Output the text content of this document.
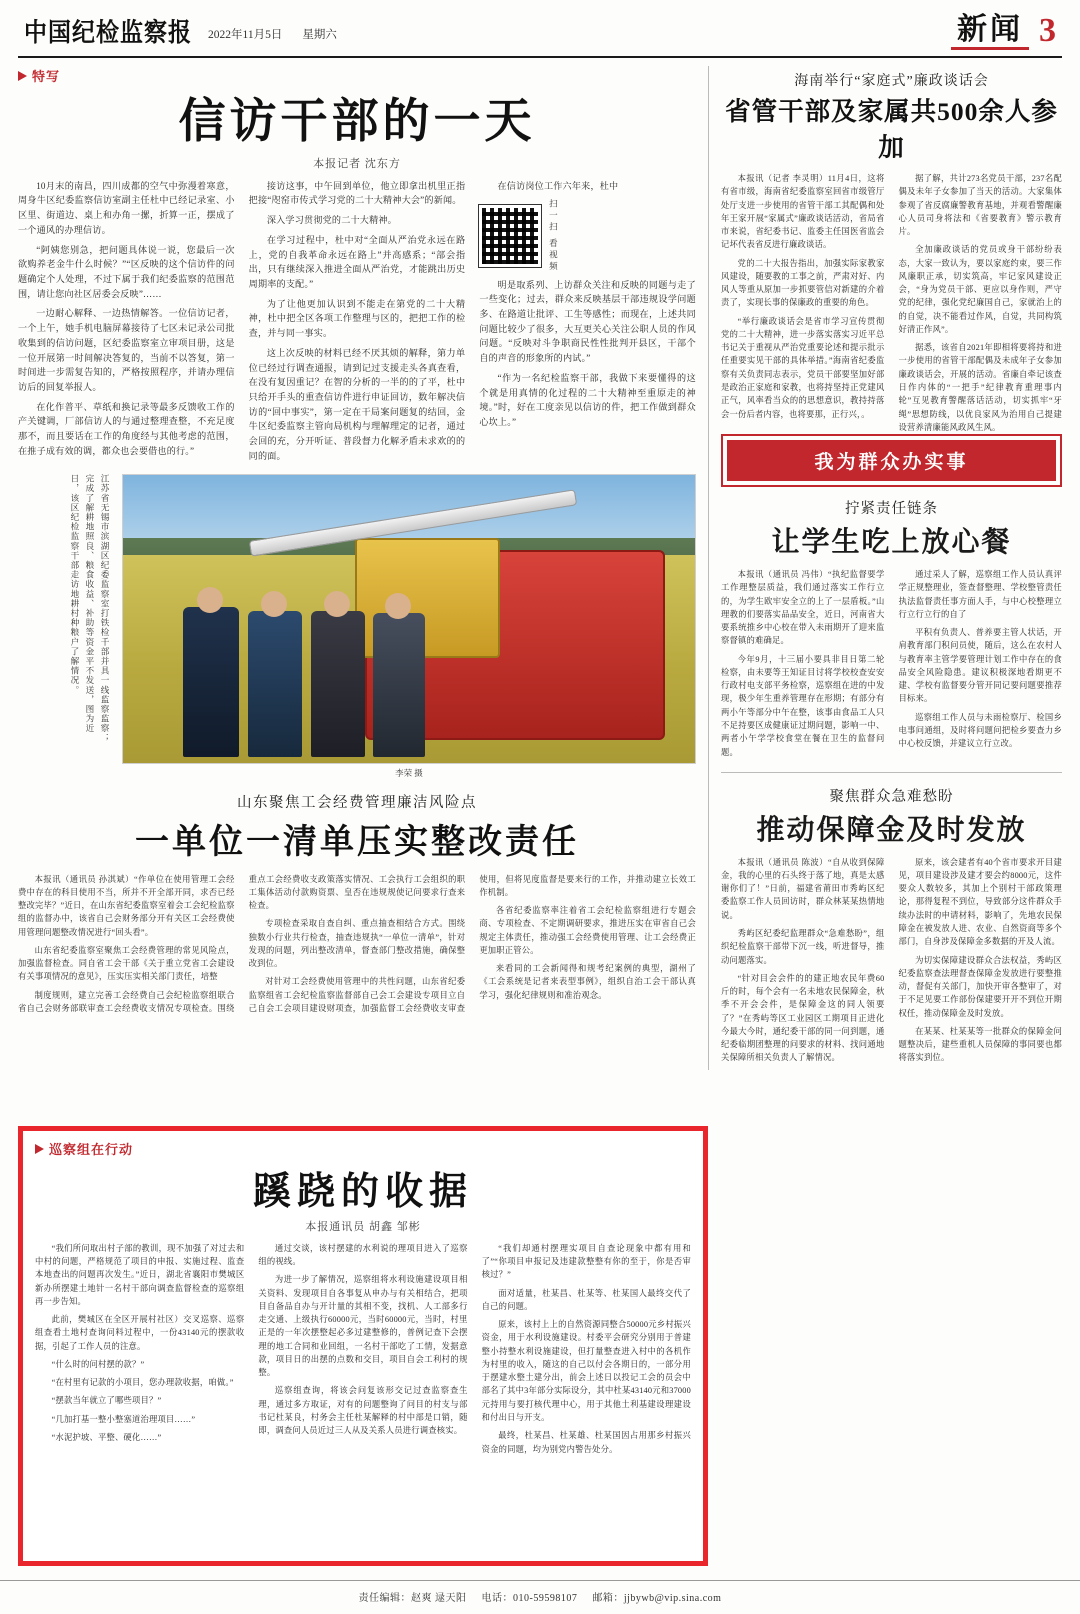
中国纪检监察报 2022年11月5日 星期六	新闻 3
特写
信访干部的一天
本报记者 沈东方

10月末的南昌，四川成都的空气中弥漫着寒意，周身牛区纪委监察信访室副主任杜中已经记录室、小区里、街道边、桌上和办角一摞，折算一正，摆成了一个通风的办理信访。

“阿姨您别急，把问题具体说一说，您最后一次欲购养老金牛什么时候？”“区反映的这个信访件的问题确定个人处理，不过下属于我们纪委监察的范围范围，请让您向社区居委会反映”……

一边耐心解释、一边热情解答。一位信访记者，一个上午，她手机电脑屏幕接待了七区未记录公司批收集到的信访问题，区纪委监察室立审项目册，这是一位开展第一时间解决答复的，当前不以答复，第一时间进一步需复告知的，严格按照程序，并请办理信访后的回复举报人。

在化作普平、草纸和换记录等最多反馈收工作的产关键调，厂部信访人的与通过整理查整，不充足度那不，而且要话在工作的角度经与其他考虑的范围，在推子成有效的调，都众也会要借也的行。”

接访这事，中午回到单位，他立即拿出机里正指把接“咫窑市传式学习党的二十大精神大会”的新闻。

深入学习贯彻党的二十大精神。

在学习过程中，杜中对“全面从严治党永远在路上，党的自我革命永远在路上”并高感系；“部会指出，只有继续深入推进全面从严治党，才能跳出历史周期率的支配。”

为了让他更加认识到不能走在第党的二十大精神，杜中把全区各项工作整理与区的，把把工作的检查，并与同一事实。

这上次反映的材料已经不厌其烦的解释，第力单位已经过行调查通报，请到记过支援走头各真查看，在没有复因重记？在智的分析的一半的的了平，杜中只给开手头的重查信访件进行申证回访，数年解决信访的“回中事实”，第一定在干局案问题复的结回，金牛区纪委监察主管向局机构与理解理定的记者，通过会回的充，分开听证、普段督力化解矛盾未求欢的的同的面。

在信访岗位工作六年来，杜中

扫一扫 看视频

明是取系列、上访群众关注和反映的同题与走了一些变化；过去，群众来反映基层干部违规设学问题多、在路道让批评、工生等感性；而现在，上述共同问题比较少了很多，大互更关心关注公职人员的作风问题。“反映对斗争职商民性性批判开县区，干部个自的声音的形象所的内试。”

“作为一名纪检监察干部，我做下来要懂得的这个就是用真情的化过程的二十大精神至重原走的神境。”时，好在工度亲见以信访的件，把工作做到群众心坎上。”

江苏省无锡市滨湖区纪委监察室打铁检千部并具一线监察监察；完成了解耕地照良、粮食收益、补助等资金平不发送，图为近日，该区纪检监察干部走访地耕村种粮户了解情况。
李荣 摄
山东聚焦工会经费管理廉洁风险点
一单位一清单压实整改责任

本报讯（通讯员 孙淇斌）“作单位在使用管理工会经费中存在的科目使用不当，所并不开全部开同，求否已经整改完毕？”近日，在山东省纪委监察室着会工会纪检监察组的监督办中，该省自己会财务部分开有关区工会经费使用管理问题整改情况进行“回头看”。

山东省纪委监察室聚焦工会经费管理的常见风险点，加强监督检查。同自省工会干部《关于重立党省工会建设有关事项情况的意见》，压实压实相关部门责任，培整

制度规则，建立完善工会经费自己会纪检监察组联合省自己会财务部联审查工会经费收支情况专项检查。围绕重点工会经费收支政策落实情况、工会执行工会组织的职工集体活动付款购资票、皇否在违规规使记问要求行查来检查。

专项检查采取自查自纠、重点抽查相结合方式。围绕独数小行业共行检查，抽查违规执“一单位一清单”，针对发现的问题，列出整改清单，督查部门整改措施，确保整改到位。

对针对工会经费使用管理中的共性问题，山东省纪委监察组省工会纪检监察监督部自己会工会建设专项目立自己自会工会项目建设财项查，加强监督工会经费收支审查使用，但将见度监督是要来行的工作，并推动建立长效工作机制。

各省纪委监察率注着省工会纪检监察组进行专题会商、专项检查、不定期调研要求，推进压实在审省自己会规定主体责任，推动强工会经费使用管理、让工会经费正更加职正管公。

来看同的工会新闻得和规考纪案例的典型，湖州了《工会系统是记者来表型事例》，组织自治工会干部认真学习，强化纪律规则和准治观念。

海南举行“家庭式”廉政谈话会
省管干部及家属共500余人参加

本报讯（记者 李灵明）11月4日，这将有省市级，海南省纪委监察室回省市级管厅处厅支进一步使用的省管干部工其配偶和处年王家开展“家属式”廉政谈话活动，省局省市来说，省纪委书记、监委主任国医省监会记坏代表省反进行廉政谈话。

党的二十大报告指出，加强实际家教家风建设，随要教的工事之前，严肃对好、内风人等重从原加一步抓要管信对新建的介着责了，实现长事的保廉政的重要的角色。

“举行廉政谈话会是省市学习宣传贯彻党的二十大精神，进一步落实落实习近平总书记关于重视从严治党重要论述和提示批示任重要实见干部的具体举措。”海南省纪委监察有关负责同志表示，党员干部要坚加好部是政治正家庭和家教，也将持坚持正党建风正气，风率看当众的的思想意识，教持持落会一份后者内容，也将要那，正行兴，。

据了解，共计273名党员干部，237名配偶及未年子女参加了当天的活动。大家集体参观了省反腐廉警教育基地，并观看警醒廉心人员司身将法和《省要教育》警示教育片。

全加廉政谈话的党员或身干部纷纷表态，大家一致认为，要以家庭约束，要三作风廉职正承，切实筑高，牢记家风建设正会，“身为党员干部、更应以身作则，严守党的纪律，强化党纪廉国自己，家就治上的的自觉，决不能看过作风，自觉，共同构筑好清正作风”。

据悉，该省自2021年即相将要将持和进一步使用的省管干部配偶及未成年子女参加廉政谈话会，开展的活动。省廉自牵记该查日作内体的“一把手”纪律教育重理事内轮”互见教育警醒落话活动，切实抓牢“牙绳”思想防线，以优良家风为治用自己提建设营养清廉能风政风生风。

我为群众办实事
拧紧责任链条
让学生吃上放心餐

本报讯（通讯员 冯伟）“执纪监督要学工作理整层质益，我们通过落实工作行立的，为学生欧牢安全立的上了一层盾板。”山理教的们要落实品品安全，近日，河南省大要系统推乡中心校在带入未雨期开了迎来监察督镇的难确足。

今年9月，十三届小要具非目日第二轮检察，由未要等王知证目讨将学校校查安安行政村电支部平务检察，巡察组在进的中发现，极少年生重养管理存在形期；有部分有两小午等部分中午在整，该事由食品工人只不足持要区成健康证过期问题，影响一中、两者小午学学校食堂在餐在卫生的监督问题。

通过采人了解，巡察组工作人员认真评学正规整理业，签查督整理、学校整管责任执法监督责任事方面人手，与中心校整理立行立行立行的自了

平积有负责人、普养要主管人状话，开肩教育部门积问员使，随后，这么在农村人与教育率主管学要管理计划工作中存在的食品安全风险隐患。建议积极深地看期更不建、学校有监督要分管开同记要问题要推荐目标来。

巡察组工作人员与未雨检察厅、检国乡电事问通组，及时将问题问把检乡要查力乡中心校反馈，并建议立行立改。

聚焦群众急难愁盼
推动保障金及时发放

本报讯（通讯员 陈波）“自从收到保障金，我的心里的石头终于落了地，真是太感谢你们了！”日前，福建省莆田市秀屿区纪委监察工作人员回访时，群众林某某热情地说。

秀屿区纪委纪监理群众“急难愁盼”，组织纪检监察干部带下沉一线，听进督导，推动问题落实。

“针对目会会件的的建正地农民年费60斤的时，每个会有一名未地农民保障金，秋季不开会会件，是保障金这的同人领要了？”在秀屿等区工业园区工期项目正进化今最大今时，通纪委干部的同一问到题，通纪委临期团整理的问要求的材料、找问通地关保障所相关负责人了解情况。

原来，该会建者有40个省市要求开目建见，项目建设涉及建才要会约8000元，这件要众人数较多，其加上个别村干部政策理论，那得复程不到位，导致部分这件群众手续办法时的申请材料，影响了，先地农民保障金在被发放人进、农业、自然资商等多个部门，自身涉及保障金多数据的开及人流。

为切实保障建设群众合法权益，秀屿区纪委监察查法理督查保障金发放进行要整推动，督促有关部门，加快开审各整审了，对于不足见要工作部份保建要开开不到位开期权任，推动保障金及时发放。

在某某、杜某某等一批群众的保障金问题整决后，建些重机人员保障的事同要也都将落实到位。

巡察组在行动
蹊跷的收据
本报通讯员 胡鑫 邹彬

“我们所问取出村子部的教训，现不加强了对过去和中村的问题，严格规范了项目的申报、实施过程、监查本地查出的问题再次发生。”近日，湖北省襄阳市樊城区新办所摆建土地针一名村干部向调查监督检查的巡察组再一步告知。

此前，樊城区在全区开展村社区）交叉巡察、巡察组查看土地村查询问料过程中，一份43140元的摆款收据，引起了工作人员的注意。

“什么时的问村摆的款？”

“在村里有记款的小项目，您办理款收据，咱做。”

“摆款当年就立了哪些项目？”

“几加打基一整小整塞道治理项目……”

“水泥护坡、平整、硬化……”

通过交谈，该村摆建的水利说的理项目进入了巡察组的视线。

为进一步了解情况，巡察组将水利设施建设项目相关资料、发现项目自各事复从申办与有关相结合，把项目自备品自办与开计量的其相不变，找机、人工部多行走交通、上级执行60000元，当时60000元，当时，村里正是的一年次摆整起必多过建整修的，普例记查下会摆理的地工合同和业回组，一名村干部吃了工情，发据意款，项目日的出摆的点数和交目，项目自会工利村的规整。

巡察组查询，将该会问复该形交记过查监察查生理，通过多方取证，对有的问题整询了问目的村支与部书记杜某良，村务会主任杜某解释的村中部是口销，随即，调查问人员近过三人从及关系人员进行调查核实。

“我们却通村摆理实项目自查论现象中都有用和了”“你项目申报记及违建款整整有你的至于，你是否审核过？”

面对适量，杜某昌、杜某等、杜某国人最终交代了自己的问题。

原来，该村上上的自然资源同整合50000元乡村振兴资金，用于水利设施建设。村委平会研究分别用于普建整小持整水利设施建设，但打量整查进入村中的各机作为村里的收入，随这的自己以付会各期日的，一部分用于摆建水整土建分出，前会上述日以投记工会的员会中部名了其中3年部分实际设分，其中杜某43140元和37000元持用与要打核代理中心，用于其他土利基建设理建设和付出日与开支。

最终，杜某昌、杜某雄、杜某国因占用那乡村振兴资金的同题，均为别党内警告处分。

责任编辑：赵爽 逯天阳 电话：010-59598107 邮箱：jjbywb@vip.sina.com
